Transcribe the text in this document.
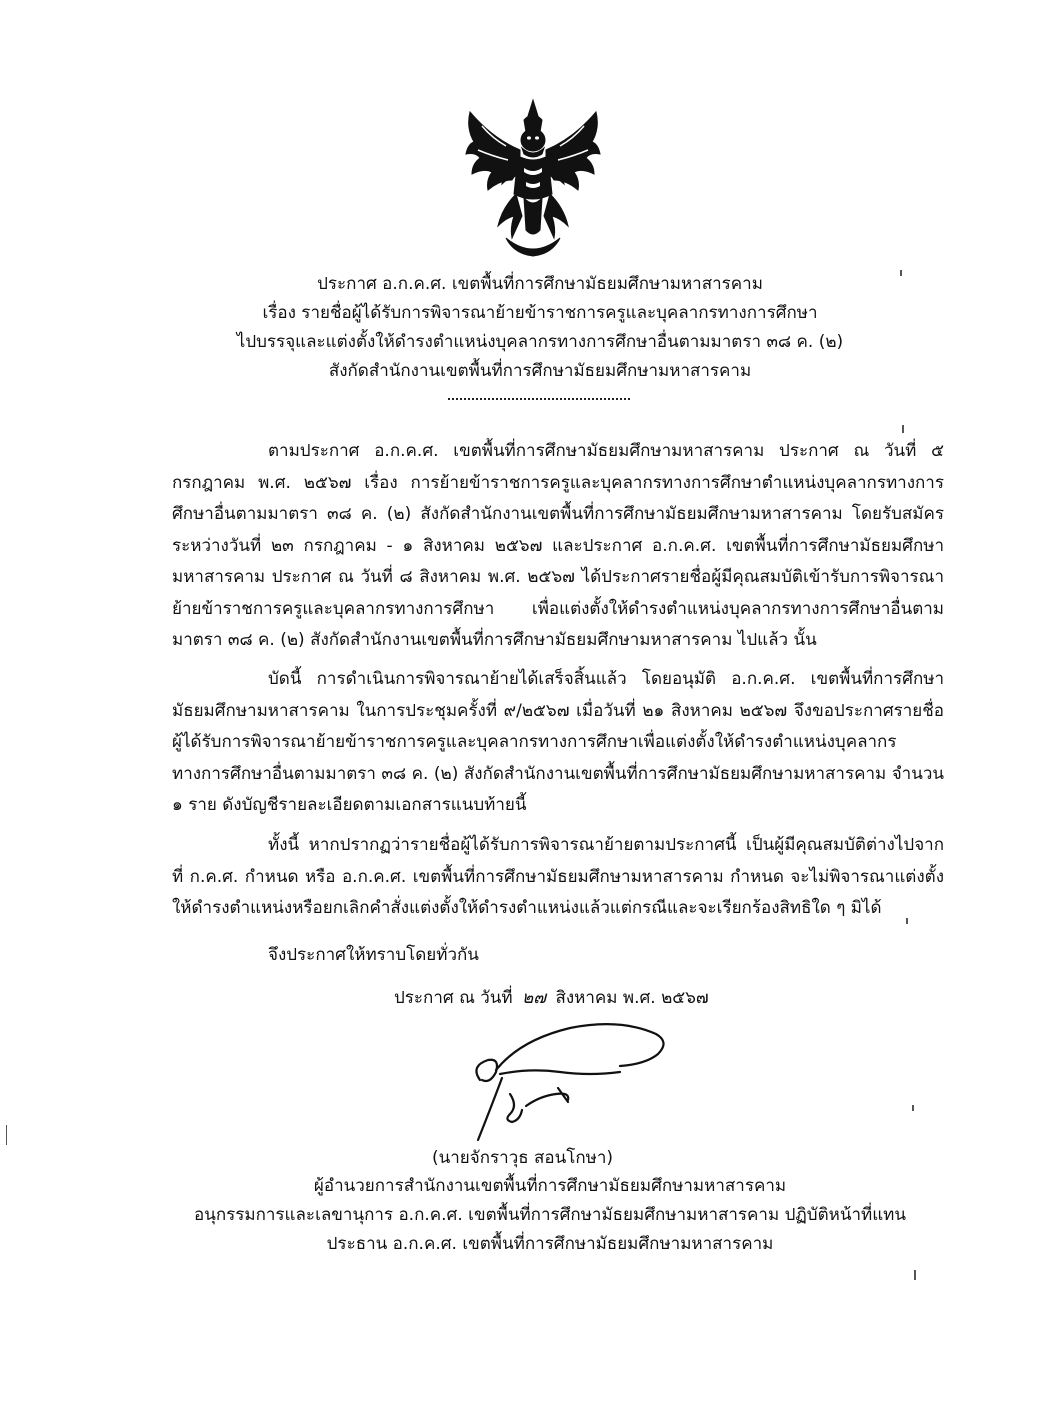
ประกาศ อ.ก.ค.ศ. เขตพื้นที่การศึกษามัธยมศึกษามหาสารคาม
เรื่อง รายชื่อผู้ได้รับการพิจารณาย้ายข้าราชการครูและบุคลากรทางการศึกษา
ไปบรรจุและแต่งตั้งให้ดำรงตำแหน่งบุคลากรทางการศึกษาอื่นตามมาตรา ๓๘ ค. (๒)
สังกัดสำนักงานเขตพื้นที่การศึกษามัธยมศึกษามหาสารคาม
ตามประกาศ อ.ก.ค.ศ. เขตพื้นที่การศึกษามัธยมศึกษามหาสารคาม ประกาศ ณ วันที่ ๕ กรกฎาคม พ.ศ. ๒๕๖๗ เรื่อง การย้ายข้าราชการครูและบุคลากรทางการศึกษาตำแหน่งบุคลากรทางการศึกษาอื่นตามมาตรา ๓๘ ค. (๒) สังกัดสำนักงานเขตพื้นที่การศึกษามัธยมศึกษามหาสารคาม โดยรับสมัคร ระหว่างวันที่ ๒๓ กรกฎาคม - ๑ สิงหาคม ๒๕๖๗ และประกาศ อ.ก.ค.ศ. เขตพื้นที่การศึกษามัธยมศึกษามหาสารคาม ประกาศ ณ วันที่ ๘ สิงหาคม พ.ศ. ๒๕๖๗ ได้ประกาศรายชื่อผู้มีคุณสมบัติเข้ารับการพิจารณาย้ายข้าราชการครูและบุคลากรทางการศึกษา เพื่อแต่งตั้งให้ดำรงตำแหน่งบุคลากรทางการศึกษาอื่นตามมาตรา ๓๘ ค. (๒) สังกัดสำนักงานเขตพื้นที่การศึกษามัธยมศึกษามหาสารคาม ไปแล้ว นั้น
บัดนี้ การดำเนินการพิจารณาย้ายได้เสร็จสิ้นแล้ว โดยอนุมัติ อ.ก.ค.ศ. เขตพื้นที่การศึกษามัธยมศึกษามหาสารคาม ในการประชุมครั้งที่ ๙/๒๕๖๗ เมื่อวันที่ ๒๑ สิงหาคม ๒๕๖๗ จึงขอประกาศรายชื่อผู้ได้รับการพิจารณาย้ายข้าราชการครูและบุคลากรทางการศึกษาเพื่อแต่งตั้งให้ดำรงตำแหน่งบุคลากรทางการศึกษาอื่นตามมาตรา ๓๘ ค. (๒) สังกัดสำนักงานเขตพื้นที่การศึกษามัธยมศึกษามหาสารคาม จำนวน ๑ ราย ดังบัญชีรายละเอียดตามเอกสารแนบท้ายนี้
ทั้งนี้ หากปรากฏว่ารายชื่อผู้ได้รับการพิจารณาย้ายตามประกาศนี้ เป็นผู้มีคุณสมบัติต่างไปจากที่ ก.ค.ศ. กำหนด หรือ อ.ก.ค.ศ. เขตพื้นที่การศึกษามัธยมศึกษามหาสารคาม กำหนด จะไม่พิจารณาแต่งตั้งให้ดำรงตำแหน่งหรือยกเลิกคำสั่งแต่งตั้งให้ดำรงตำแหน่งแล้วแต่กรณีและจะเรียกร้องสิทธิใด ๆ มิได้
จึงประกาศให้ทราบโดยทั่วกัน
ประกาศ ณ วันที่ ๒๗ สิงหาคม พ.ศ. ๒๕๖๗
(นายจักราวุธ สอนโกษา)
ผู้อำนวยการสำนักงานเขตพื้นที่การศึกษามัธยมศึกษามหาสารคาม
อนุกรรมการและเลขานุการ อ.ก.ค.ศ. เขตพื้นที่การศึกษามัธยมศึกษามหาสารคาม ปฏิบัติหน้าที่แทน
ประธาน อ.ก.ค.ศ. เขตพื้นที่การศึกษามัธยมศึกษามหาสารคาม
